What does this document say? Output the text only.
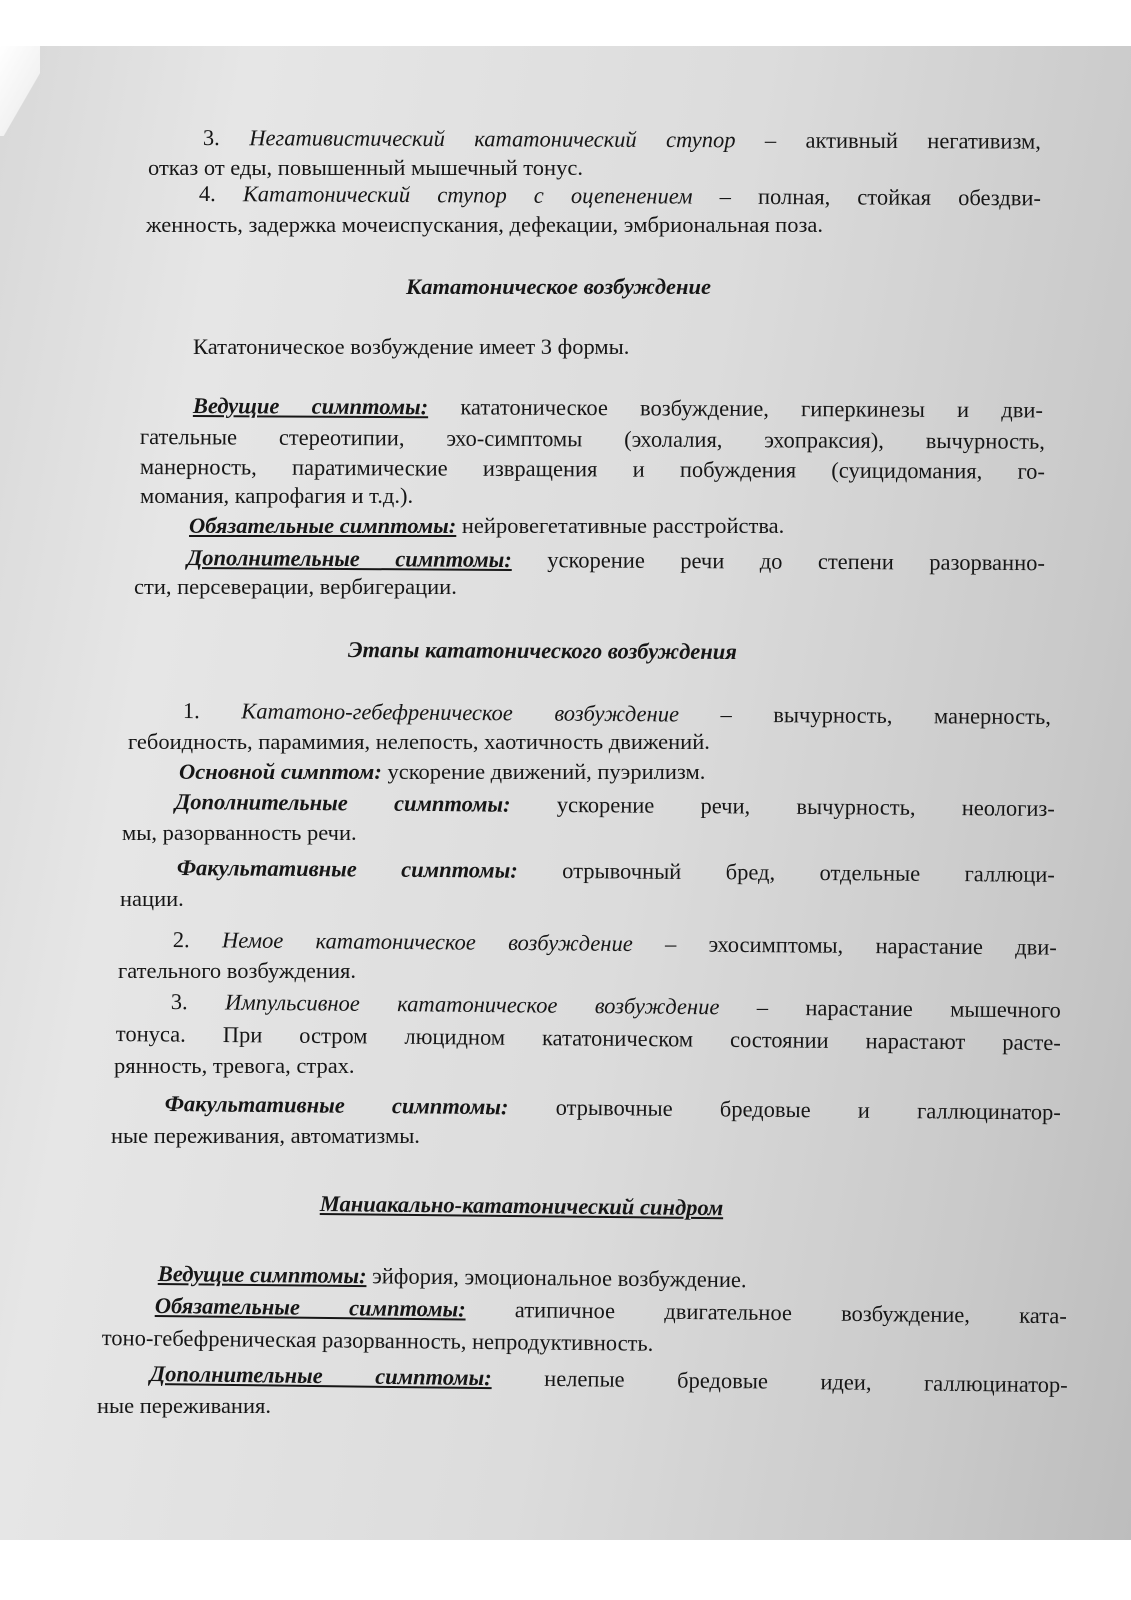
3. Негативистический кататонический ступор – активный негативизм,
отказ от еды, повышенный мышечный тонус.
4. Кататонический ступор с оцепенением – полная, стойкая обездви-
женность, задержка мочеиспускания, дефекации, эмбриональная поза.
Кататоническое возбуждение
Кататоническое возбуждение имеет 3 формы.
Ведущие симптомы: кататоническое возбуждение, гиперкинезы и дви-
гательные стереотипии, эхо-симптомы (эхолалия, эхопраксия), вычурность,
манерность, паратимические извращения и побуждения (суицидомания, го-
момания, капрофагия и т.д.).
Обязательные симптомы: нейровегетативные расстройства.
Дополнительные симптомы: ускорение речи до степени разорванно-
сти, персеверации, вербигерации.
Этапы кататонического возбуждения
1. Кататоно-гебефреническое возбуждение – вычурность, манерность,
гебоидность, парамимия, нелепость, хаотичность движений.
Основной симптом: ускорение движений, пуэрилизм.
Дополнительные симптомы: ускорение речи, вычурность, неологиз-
мы, разорванность речи.
Факультативные симптомы: отрывочный бред, отдельные галлюци-
нации.
2. Немое кататоническое возбуждение – эхосимптомы, нарастание дви-
гательного возбуждения.
3. Импульсивное кататоническое возбуждение – нарастание мышечного
тонуса. При остром люцидном кататоническом состоянии нарастают расте-
рянность, тревога, страх.
Факультативные симптомы: отрывочные бредовые и галлюцинатор-
ные переживания, автоматизмы.
Маниакально-кататонический синдром
Ведущие симптомы: эйфория, эмоциональное возбуждение.
Обязательные симптомы: атипичное двигательное возбуждение, ката-
тоно-гебефреническая разорванность, непродуктивность.
Дополнительные симптомы: нелепые бредовые идеи, галлюцинатор-
ные переживания.
